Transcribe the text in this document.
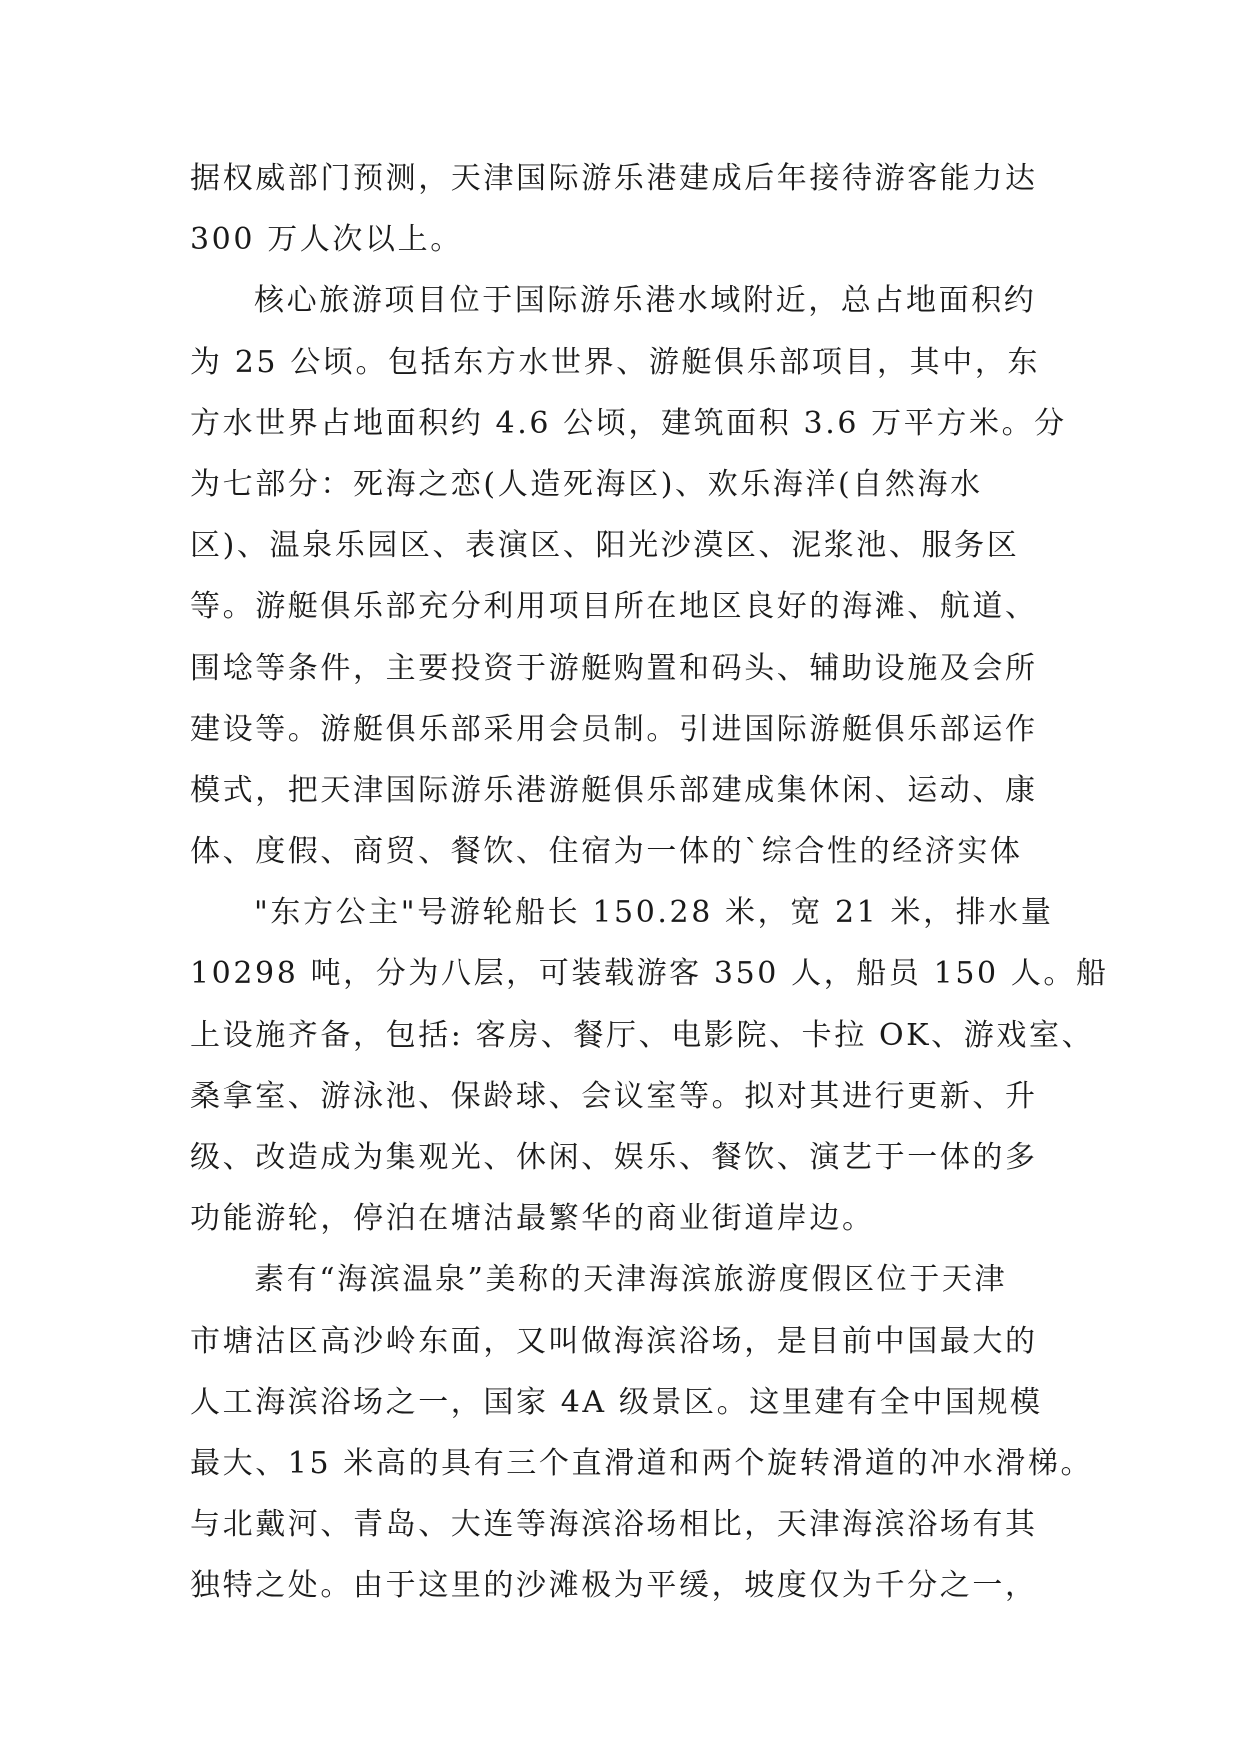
据权威部门预测，天津国际游乐港建成后年接待游客能力达
300 万人次以上。
核心旅游项目位于国际游乐港水域附近，总占地面积约
为 25 公顷。包括东方水世界、游艇俱乐部项目，其中，东
方水世界占地面积约 4.6 公顷，建筑面积 3.6 万平方米。分
为七部分：死海之恋(人造死海区)、欢乐海洋(自然海水
区)、温泉乐园区、表演区、阳光沙漠区、泥浆池、服务区
等。游艇俱乐部充分利用项目所在地区良好的海滩、航道、
围埝等条件，主要投资于游艇购置和码头、辅助设施及会所
建设等。游艇俱乐部采用会员制。引进国际游艇俱乐部运作
模式，把天津国际游乐港游艇俱乐部建成集休闲、运动、康
体、度假、商贸、餐饮、住宿为一体的`综合性的经济实体
"东方公主"号游轮船长 150.28 米，宽 21 米，排水量
10298 吨，分为八层，可装载游客 350 人，船员 150 人。船
上设施齐备，包括: 客房、餐厅、电影院、卡拉 OK、游戏室、
桑拿室、游泳池、保龄球、会议室等。拟对其进行更新、升
级、改造成为集观光、休闲、娱乐、餐饮、演艺于一体的多
功能游轮，停泊在塘沽最繁华的商业街道岸边。
素有“海滨温泉”美称的天津海滨旅游度假区位于天津
市塘沽区高沙岭东面，又叫做海滨浴场，是目前中国最大的
人工海滨浴场之一，国家 4A 级景区。这里建有全中国规模
最大、15 米高的具有三个直滑道和两个旋转滑道的冲水滑梯。
与北戴河、青岛、大连等海滨浴场相比，天津海滨浴场有其
独特之处。由于这里的沙滩极为平缓，坡度仅为千分之一，
